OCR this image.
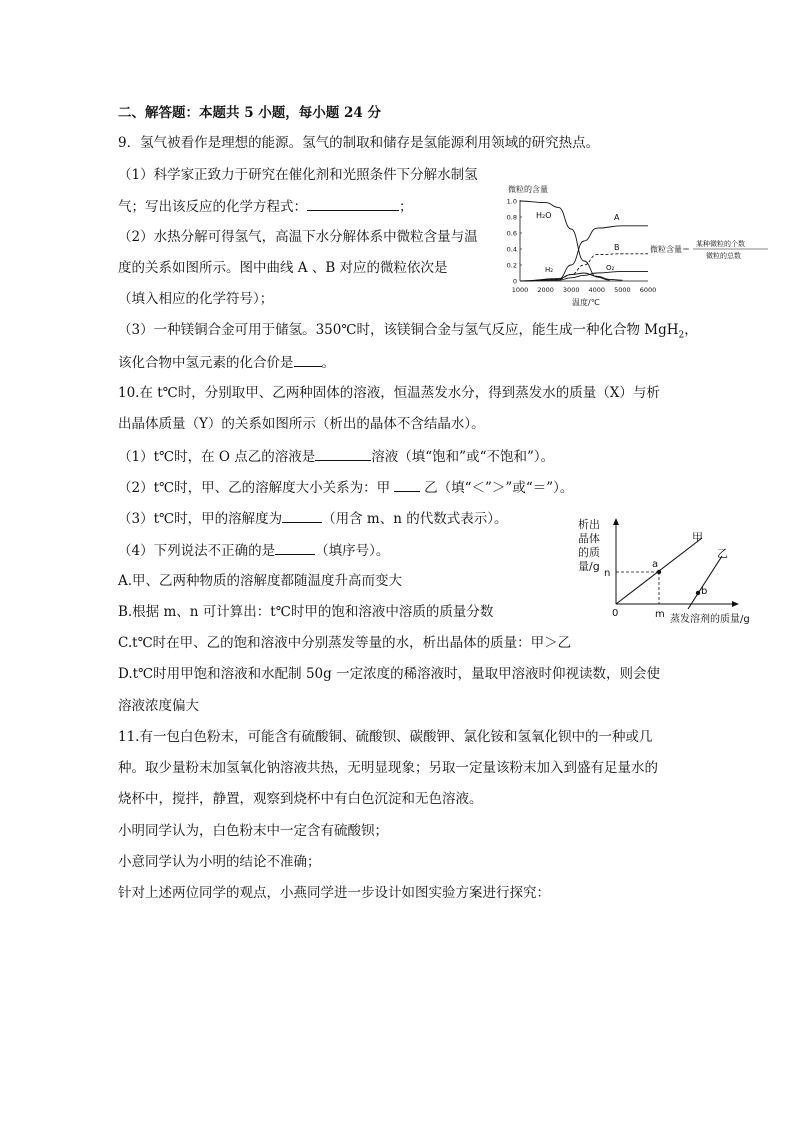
二、解答题：本题共 5 小题，每小题 24 分
9．氢气被看作是理想的能源。氢气的制取和储存是氢能源利用领域的研究热点。
（1）科学家正致力于研究在催化剂和光照条件下分解水制氢
气；写出该反应的化学方程式：	；
（2）水热分解可得氢气，高温下水分解体系中微粒含量与温
度的关系如图所示。图中曲线 A 、B 对应的微粒依次是
（填入相应的化学符号）；
（3）一种镁铜合金可用于储氢。350℃时，该镁铜合金与氢气反应，能生成一种化合物 MgH$_2$，
该化合物中氢元素的化合价是 。
微粒的含量
0
0.2
0.4
0.6
0.8
1.0
1000 2000 3000 4000 5000 6000
H₂O	A
B
H₂	O₂
温度/℃
微粒含量＝
某种微粒的个数
微粒的总数
10.在 t℃时，分别取甲、乙两种固体的溶液，恒温蒸发水分，得到蒸发水的质量（X）与析
出晶体质量（Y）的关系如图所示（析出的晶体不含结晶水）。
（1）t℃时，在 O 点乙的溶液是	溶液（填“饱和”或“不饱和”）。
（2）t℃时，甲、乙的溶解度大小关系为：甲	乙（填“＜”＞”或“＝”）。
（3）t℃时，甲的溶解度为	（用含 m、n 的代数式表示）。
（4）下列说法不正确的是	（填序号）。
A.甲、乙两种物质的溶解度都随温度升高而变大
B.根据 m、n 可计算出：t℃时甲的饱和溶液中溶质的质量分数
C.t℃时在甲、乙的饱和溶液中分别蒸发等量的水，析出晶体的质量：甲＞乙
D.t℃时用甲饱和溶液和水配制 50g 一定浓度的稀溶液时，量取甲溶液时仰视读数，则会使
溶液浓度偏大
析出
晶体
的质
量/g
0
n
m
a
b
甲
乙
蒸发溶剂的质量/g
11.有一包白色粉末，可能含有硫酸铜、硫酸钡、碳酸钾、氯化铵和氢氧化钡中的一种或几
种。取少量粉末加氢氧化钠溶液共热，无明显现象；另取一定量该粉末加入到盛有足量水的
烧杯中，搅拌，静置，观察到烧杯中有白色沉淀和无色溶液。
小明同学认为，白色粉末中一定含有硫酸钡；
小意同学认为小明的结论不准确；
针对上述两位同学的观点，小燕同学进一步设计如图实验方案进行探究：
